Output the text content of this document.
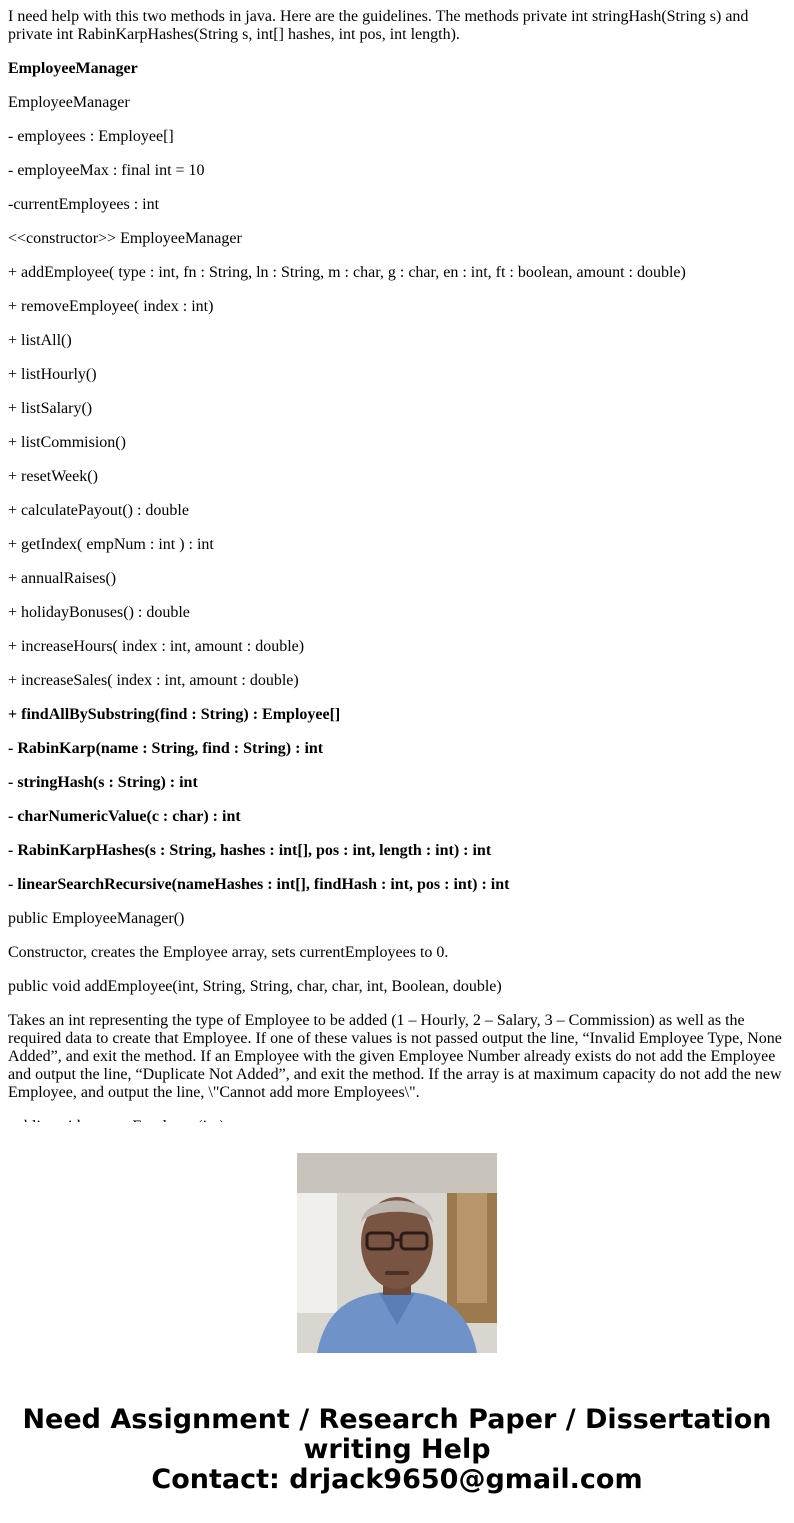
I need help with this two methods in java. Here are the guidelines. The methods private int stringHash(String s) and private int RabinKarpHashes(String s, int[] hashes, int pos, int length).

EmployeeManager

EmployeeManager

- employees : Employee[]

- employeeMax : final int = 10

-currentEmployees : int

<<constructor>> EmployeeManager

+ addEmployee( type : int, fn : String, ln : String, m : char, g : char, en : int, ft : boolean, amount : double)

+ removeEmployee( index : int)

+ listAll()

+ listHourly()

+ listSalary()

+ listCommision()

+ resetWeek()

+ calculatePayout() : double

+ getIndex( empNum : int ) : int

+ annualRaises()

+ holidayBonuses() : double

+ increaseHours( index : int, amount : double)

+ increaseSales( index : int, amount : double)

+ findAllBySubstring(find : String) : Employee[]

- RabinKarp(name : String, find : String) : int

- stringHash(s : String) : int

- charNumericValue(c : char) : int

- RabinKarpHashes(s : String, hashes : int[], pos : int, length : int) : int

- linearSearchRecursive(nameHashes : int[], findHash : int, pos : int) : int

public EmployeeManager()

Constructor, creates the Employee array, sets currentEmployees to 0.

public void addEmployee(int, String, String, char, char, int, Boolean, double)

Takes an int representing the type of Employee to be added (1 – Hourly, 2 – Salary, 3 – Commission) as well as the required data to create that Employee. If one of these values is not passed output the line, “Invalid Employee Type, None Added”, and exit the method. If an Employee with the given Employee Number already exists do not add the Employee and output the line, “Duplicate Not Added”, and exit the method. If the array is at maximum capacity do not add the new Employee, and output the line, \"Cannot add more Employees\".

Need Assignment / Research Paper / Dissertation
writing Help
Contact: drjack9650@gmail.com
